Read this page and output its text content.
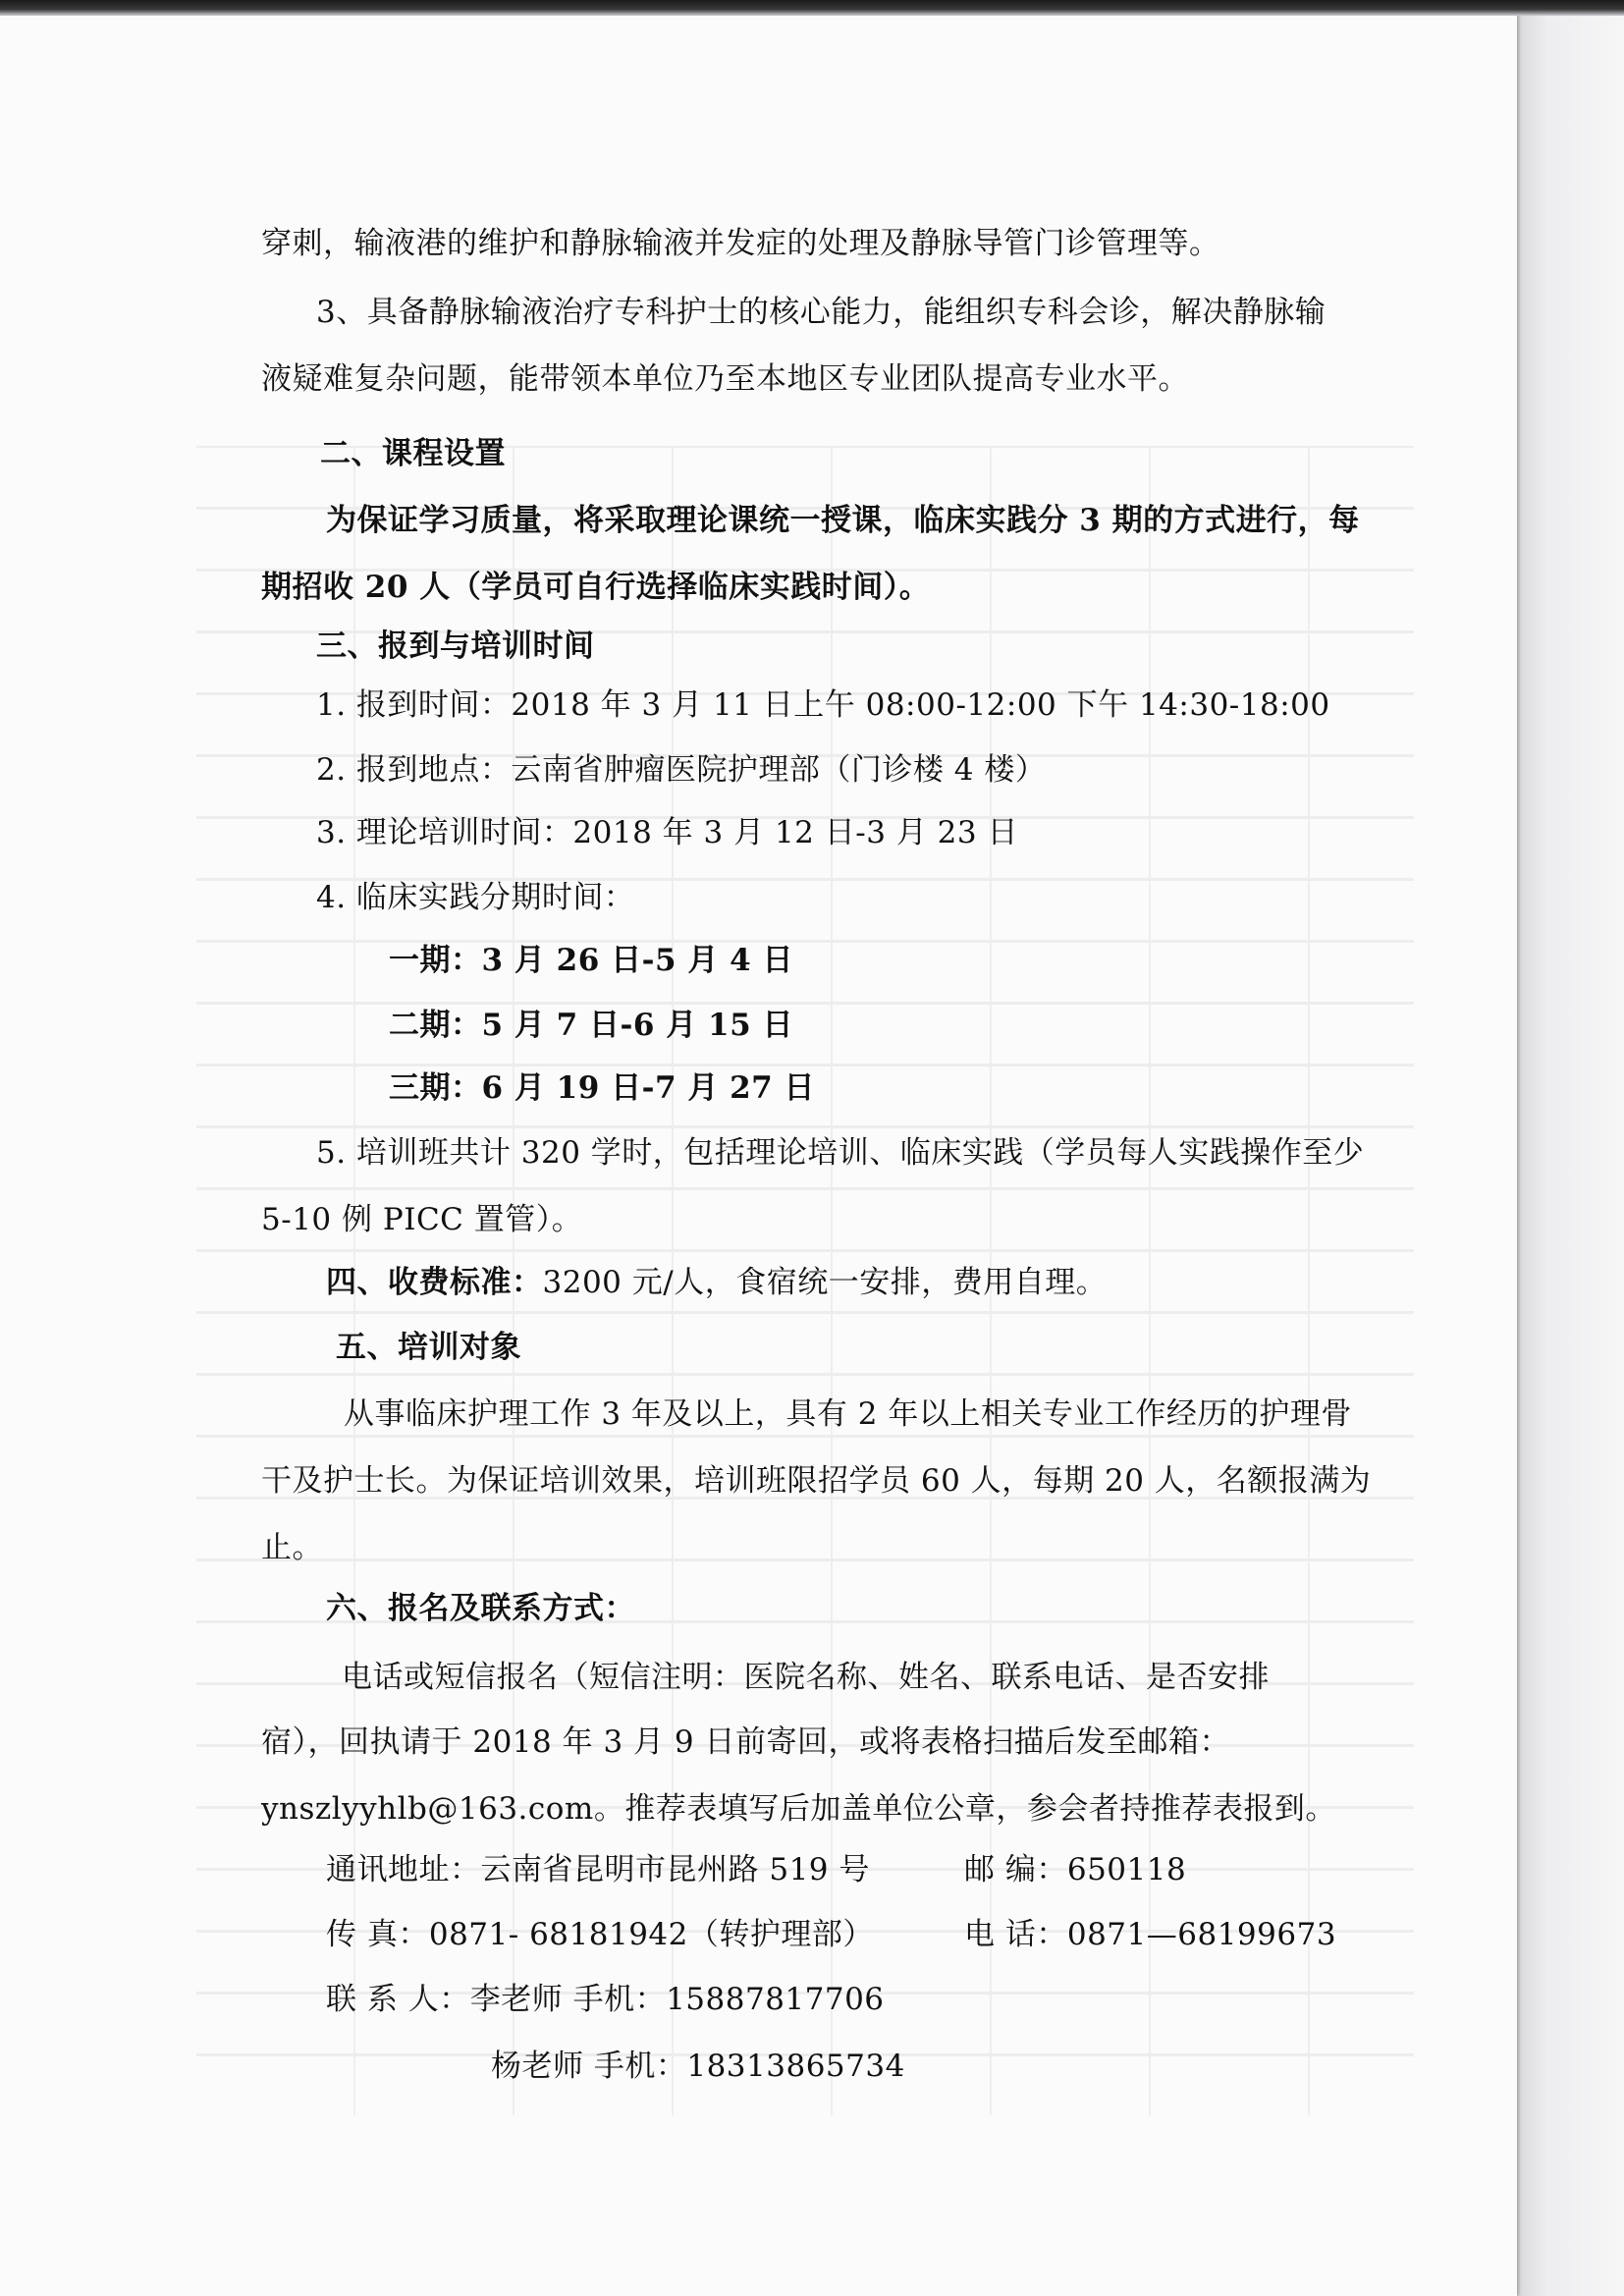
穿刺，输液港的维护和静脉输液并发症的处理及静脉导管门诊管理等。
3、具备静脉输液治疗专科护士的核心能力，能组织专科会诊，解决静脉输
液疑难复杂问题，能带领本单位乃至本地区专业团队提高专业水平。
二、课程设置
为保证学习质量，将采取理论课统一授课，临床实践分 3 期的方式进行，每
期招收 20 人（学员可自行选择临床实践时间）。
三、报到与培训时间
1. 报到时间：2018 年 3 月 11 日上午 08:00-12:00 下午 14:30-18:00
2. 报到地点：云南省肿瘤医院护理部（门诊楼 4 楼）
3. 理论培训时间：2018 年 3 月 12 日-3 月 23 日
4. 临床实践分期时间：
一期：3 月 26 日-5 月 4 日
二期：5 月 7 日-6 月 15 日
三期：6 月 19 日-7 月 27 日
5. 培训班共计 320 学时，包括理论培训、临床实践（学员每人实践操作至少
5-10 例 PICC 置管）。
四、收费标准：3200 元/人，食宿统一安排，费用自理。
五、培训对象
从事临床护理工作 3 年及以上，具有 2 年以上相关专业工作经历的护理骨
干及护士长。为保证培训效果，培训班限招学员 60 人，每期 20 人，名额报满为
止。
六、报名及联系方式：
电话或短信报名（短信注明：医院名称、姓名、联系电话、是否安排
宿），回执请于 2018 年 3 月 9 日前寄回，或将表格扫描后发至邮箱：
ynszlyyhlb@163.com。推荐表填写后加盖单位公章，参会者持推荐表报到。
通讯地址：云南省昆明市昆州路 519 号	邮 编：650118
传 真：0871- 68181942（转护理部）	电 话：0871—68199673
联 系 人：李老师 手机：15887817706
杨老师 手机：18313865734
